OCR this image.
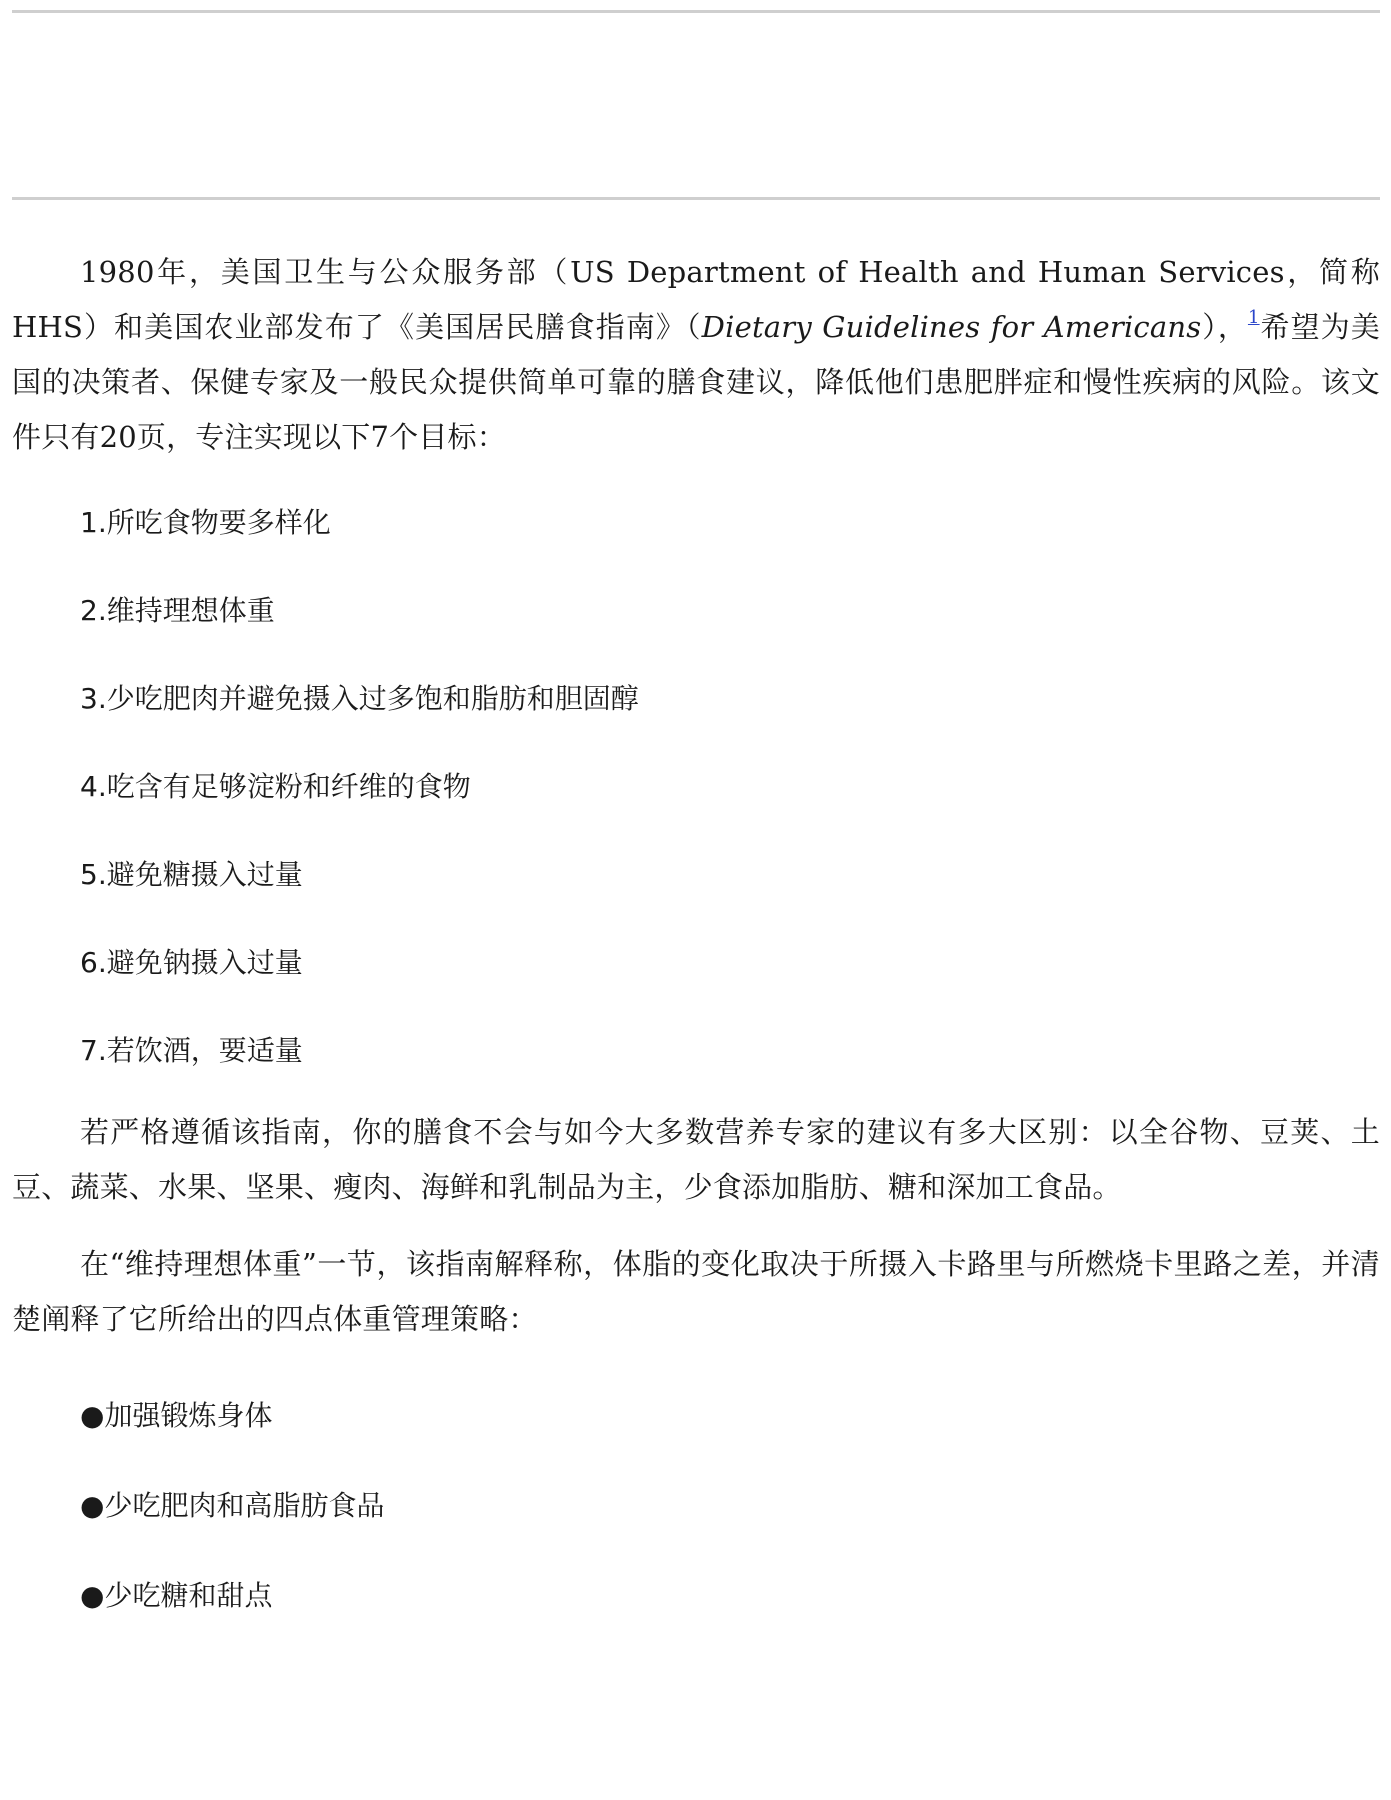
1980年，美国卫生与公众服务部（US Department of Health and Human Services，简称HHS）和美国农业部发布了《美国居民膳食指南》（Dietary Guidelines for Americans），$^1$希望为美国的决策者、保健专家及一般民众提供简单可靠的膳食建议，降低他们患肥胖症和慢性疾病的风险。该文件只有20页，专注实现以下7个目标：

1.所吃食物要多样化
2.维持理想体重
3.少吃肥肉并避免摄入过多饱和脂肪和胆固醇
4.吃含有足够淀粉和纤维的食物
5.避免糖摄入过量
6.避免钠摄入过量
7.若饮酒，要适量

若严格遵循该指南，你的膳食不会与如今大多数营养专家的建议有多大区别：以全谷物、豆荚、土豆、蔬菜、水果、坚果、瘦肉、海鲜和乳制品为主，少食添加脂肪、糖和深加工食品。

在“维持理想体重”一节，该指南解释称，体脂的变化取决于所摄入卡路里与所燃烧卡里路之差，并清楚阐释了它所给出的四点体重管理策略：

●加强锻炼身体
●少吃肥肉和高脂肪食品
●少吃糖和甜点
